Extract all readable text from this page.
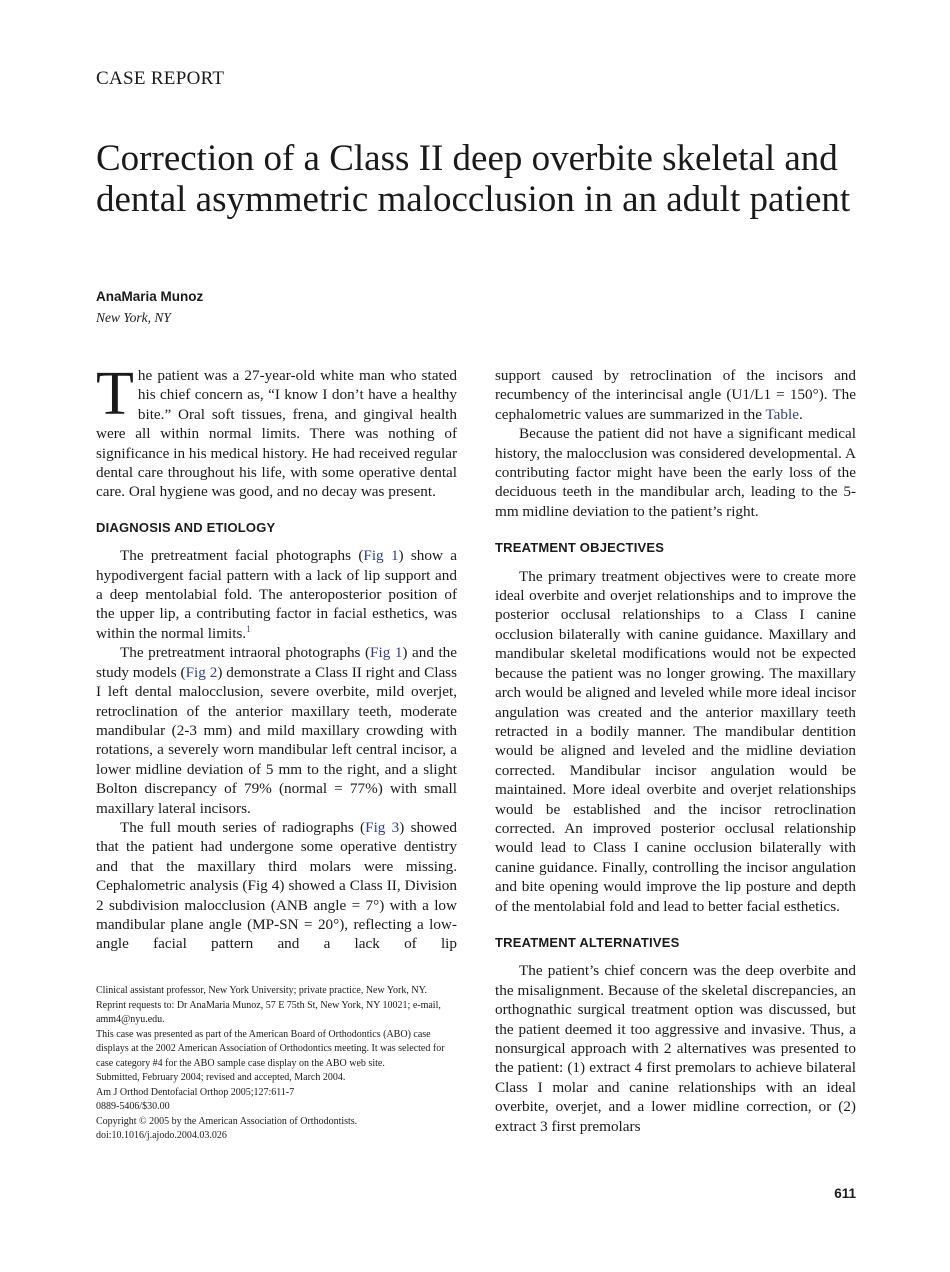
CASE REPORT
Correction of a Class II deep overbite skeletal and dental asymmetric malocclusion in an adult patient
AnaMaria Munoz
New York, NY

The patient was a 27-year-old white man who stated his chief concern as, “I know I don’t have a healthy bite.” Oral soft tissues, frena, and gingival health were all within normal limits. There was nothing of significance in his medical history. He had received regular dental care throughout his life, with some operative dental care. Oral hygiene was good, and no decay was present.

DIAGNOSIS AND ETIOLOGY

The pretreatment facial photographs (Fig 1) show a hypodivergent facial pattern with a lack of lip support and a deep mentolabial fold. The anteroposterior position of the upper lip, a contributing factor in facial esthetics, was within the normal limits.$^1$

The pretreatment intraoral photographs (Fig 1) and the study models (Fig 2) demonstrate a Class II right and Class I left dental malocclusion, severe overbite, mild overjet, retroclination of the anterior maxillary teeth, moderate mandibular (2-3 mm) and mild maxillary crowding with rotations, a severely worn mandibular left central incisor, a lower midline deviation of 5 mm to the right, and a slight Bolton discrepancy of 79% (normal = 77%) with small maxillary lateral incisors.

The full mouth series of radiographs (Fig 3) showed that the patient had undergone some operative dentistry and that the maxillary third molars were missing. Cephalometric analysis (Fig 4) showed a Class II, Division 2 subdivision malocclusion (ANB angle = 7°) with a low mandibular plane angle (MP-SN = 20°), reflecting a low-angle facial pattern and a lack of lip

Clinical assistant professor, New York University; private practice, New York, NY.
Reprint requests to: Dr AnaMaria Munoz, 57 E 75th St, New York, NY 10021; e-mail, amm4@nyu.edu.
This case was presented as part of the American Board of Orthodontics (ABO) case displays at the 2002 American Association of Orthodontics meeting. It was selected for case category #4 for the ABO sample case display on the ABO web site.
Submitted, February 2004; revised and accepted, March 2004.
Am J Orthod Dentofacial Orthop 2005;127:611-7
0889-5406/$30.00
Copyright © 2005 by the American Association of Orthodontists.
doi:10.1016/j.ajodo.2004.03.026

support caused by retroclination of the incisors and recumbency of the interincisal angle (U1/L1 = 150°). The cephalometric values are summarized in the Table.

Because the patient did not have a significant medical history, the malocclusion was considered developmental. A contributing factor might have been the early loss of the deciduous teeth in the mandibular arch, leading to the 5-mm midline deviation to the patient’s right.

TREATMENT OBJECTIVES

The primary treatment objectives were to create more ideal overbite and overjet relationships and to improve the posterior occlusal relationships to a Class I canine occlusion bilaterally with canine guidance. Maxillary and mandibular skeletal modifications would not be expected because the patient was no longer growing. The maxillary arch would be aligned and leveled while more ideal incisor angulation was created and the anterior maxillary teeth retracted in a bodily manner. The mandibular dentition would be aligned and leveled and the midline deviation corrected. Mandibular incisor angulation would be maintained. More ideal overbite and overjet relationships would be established and the incisor retroclination corrected. An improved posterior occlusal relationship would lead to Class I canine occlusion bilaterally with canine guidance. Finally, controlling the incisor angulation and bite opening would improve the lip posture and depth of the mentolabial fold and lead to better facial esthetics.

TREATMENT ALTERNATIVES

The patient’s chief concern was the deep overbite and the misalignment. Because of the skeletal discrepancies, an orthognathic surgical treatment option was discussed, but the patient deemed it too aggressive and invasive. Thus, a nonsurgical approach with 2 alternatives was presented to the patient: (1) extract 4 first premolars to achieve bilateral Class I molar and canine relationships with an ideal overbite, overjet, and a lower midline correction, or (2) extract 3 first premolars

611
